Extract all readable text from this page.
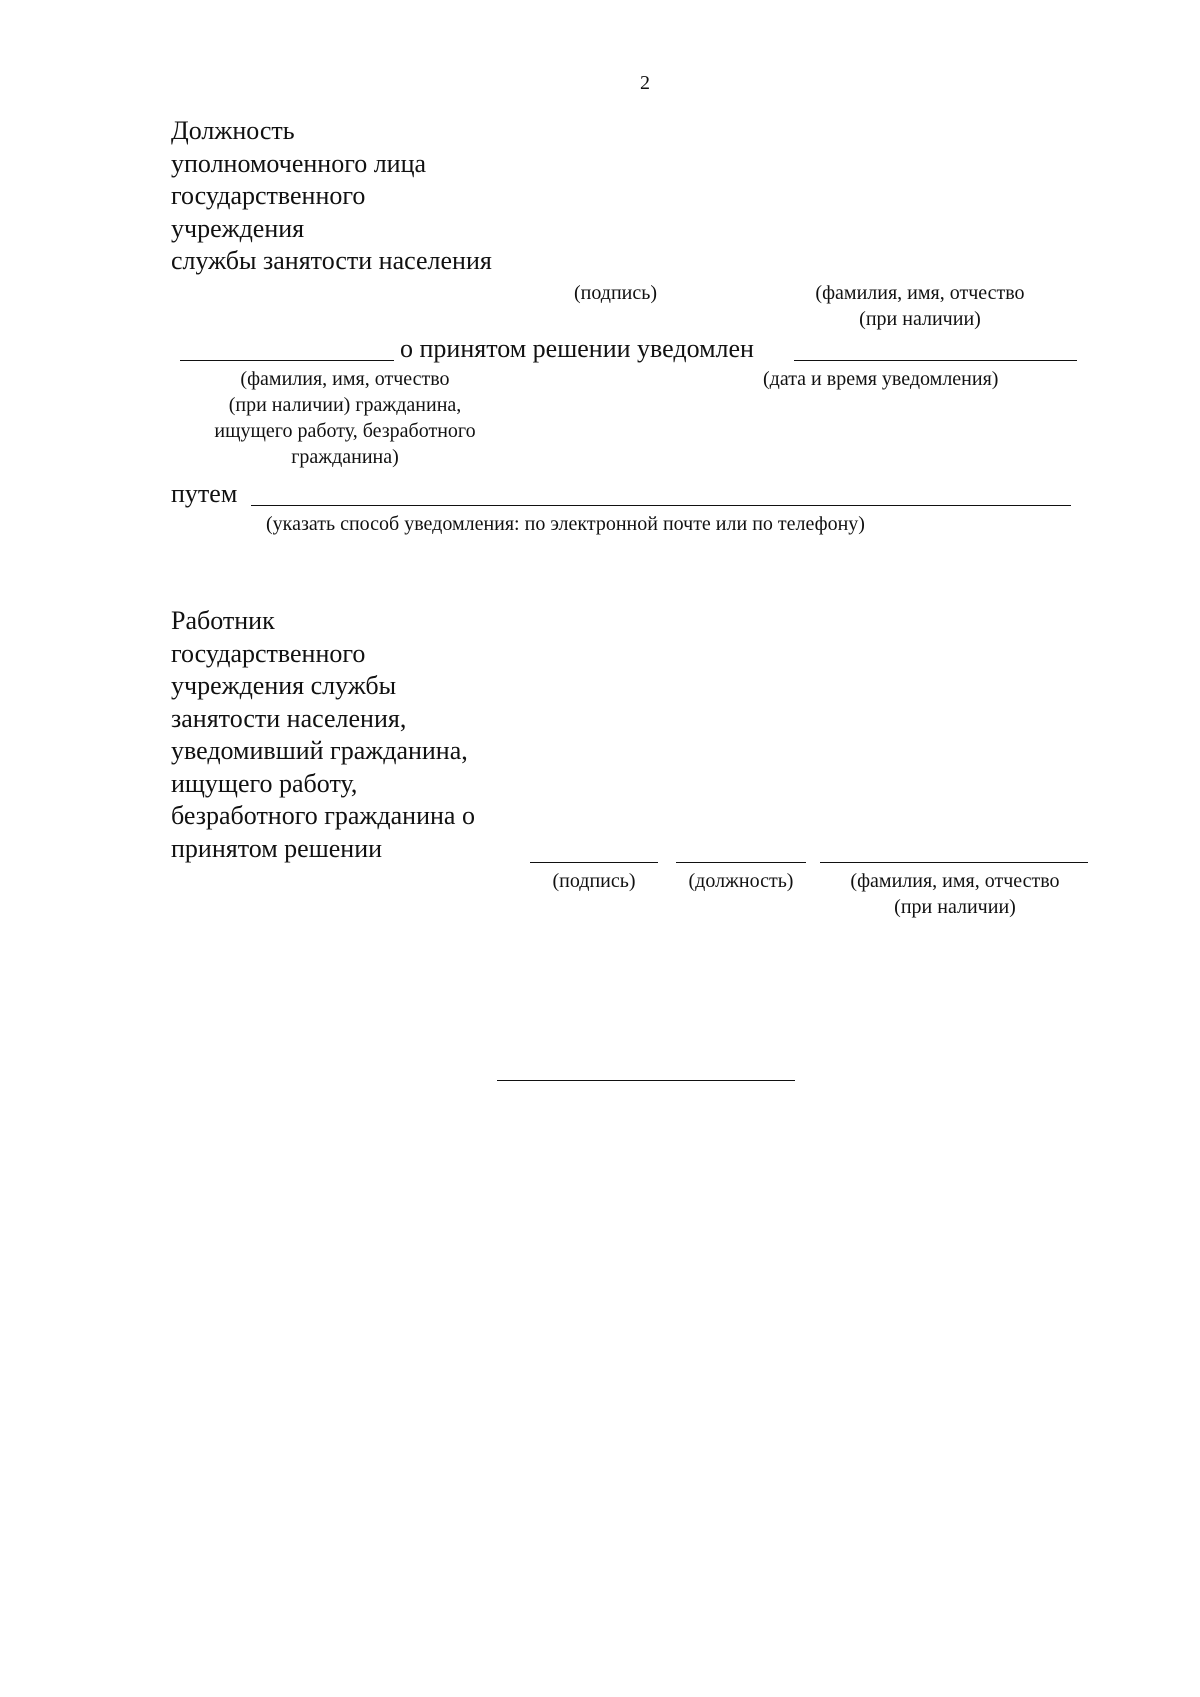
2
Должность
уполномоченного лица
государственного
учреждения
службы занятости населения
(подпись)	(фамилия, имя, отчество
(при наличии)
о принятом решении уведомлен
(фамилия, имя, отчество
(при наличии) гражданина,
ищущего работу, безработного
гражданина)
(дата и время уведомления)
путем
(указать способ уведомления: по электронной почте или по телефону)
Работник
государственного
учреждения службы
занятости населения,
уведомивший гражданина,
ищущего работу,
безработного гражданина о
принятом решении
(подпись)	(должность)	(фамилия, имя, отчество
(при наличии)
